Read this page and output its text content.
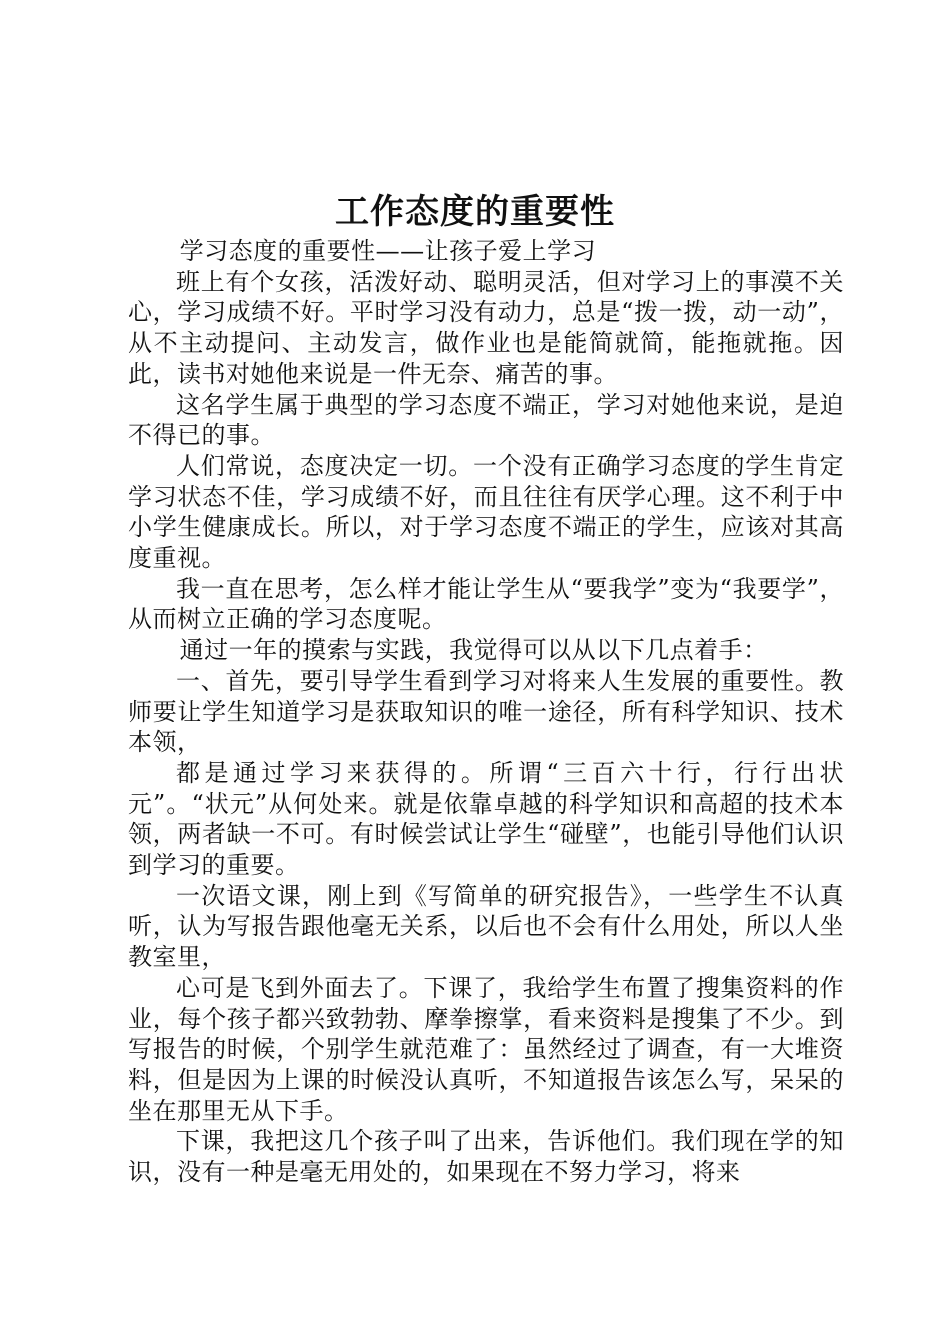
工作态度的重要性

学习态度的重要性——让孩子爱上学习

班上有个女孩，活泼好动、聪明灵活，但对学习上的事漠不关心，学习成绩不好。平时学习没有动力，总是“拨一拨，动一动”，从不主动提问、主动发言，做作业也是能简就简，能拖就拖。因此，读书对她他来说是一件无奈、痛苦的事。

这名学生属于典型的学习态度不端正，学习对她他来说，是迫不得已的事。

人们常说，态度决定一切。一个没有正确学习态度的学生肯定学习状态不佳，学习成绩不好，而且往往有厌学心理。这不利于中小学生健康成长。所以，对于学习态度不端正的学生，应该对其高度重视。

我一直在思考，怎么样才能让学生从“要我学”变为“我要学”，从而树立正确的学习态度呢。

通过一年的摸索与实践，我觉得可以从以下几点着手：

一、首先，要引导学生看到学习对将来人生发展的重要性。教师要让学生知道学习是获取知识的唯一途径，所有科学知识、技术本领，

都是通过学习来获得的。所谓“三百六十行，行行出状元”。“状元”从何处来。就是依靠卓越的科学知识和高超的技术本领，两者缺一不可。有时候尝试让学生“碰壁”，也能引导他们认识到学习的重要。

一次语文课，刚上到《写简单的研究报告》，一些学生不认真听，认为写报告跟他毫无关系，以后也不会有什么用处，所以人坐教室里，

心可是飞到外面去了。下课了，我给学生布置了搜集资料的作业，每个孩子都兴致勃勃、摩拳擦掌，看来资料是搜集了不少。到写报告的时候，个别学生就范难了：虽然经过了调查，有一大堆资料，但是因为上课的时候没认真听，不知道报告该怎么写，呆呆的坐在那里无从下手。

下课，我把这几个孩子叫了出来，告诉他们。我们现在学的知识，没有一种是毫无用处的，如果现在不努力学习，将来
